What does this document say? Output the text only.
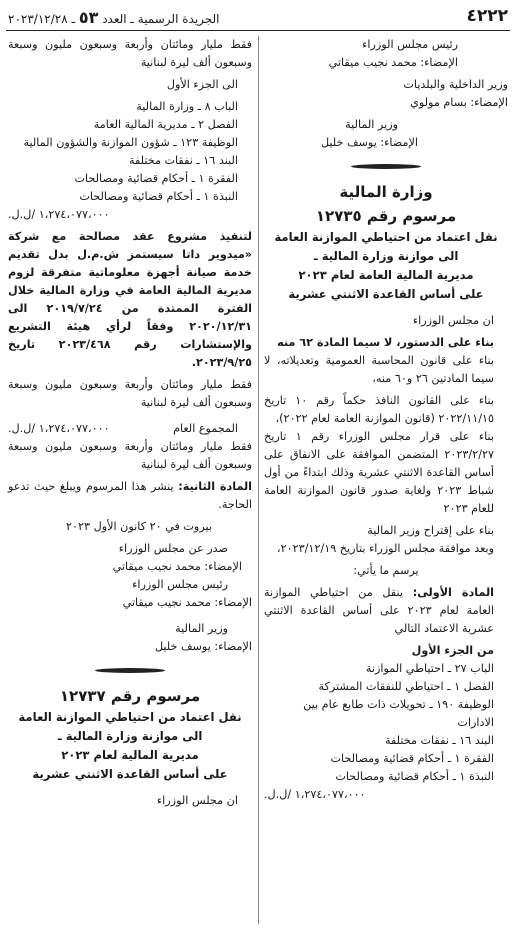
٤٢٢٢
الجريدة الرسمية ـ العدد ٥٣ ـ ٢٠٢٣/١٢/٢٨

رئيس مجلس الوزراء

الإمضاء: محمد نجيب ميقاتي

وزير الداخلية والبلديات

الإمضاء: بسام مولوي

وزير المالية

الإمضاء: يوسف خليل

وزارة المالية

مرسوم رقم ١٢٧٣٥

نقل اعتماد من احتياطي الموازنة العامة

الى موازنة وزارة المالية ـ

مديرية المالية العامة لعام ٢٠٢٣

على أساس القاعدة الاثنتي عشرية

ان مجلس الوزراء

بناء على الدستور، لا سيما المادة ٦٢ منه

بناء على قانون المحاسبة العمومية وتعديلاته، لا سيما المادتين ٢٦ و٦٠ منه،

بناء على القانون النافذ حكماً رقم ١٠ تاريخ ٢٠٢٢/١١/١٥ (قانون الموازنة العامة لعام ٢٠٢٢)،

بناء على قرار مجلس الوزراء رقم ١ تاريخ ٢٠٢٣/٢/٢٧ المتضمن الموافقة على الانفاق على أساس القاعدة الاثنتي عشرية وذلك ابتداءً من أول شباط ٢٠٢٣ ولغاية صدور قانون الموازنة العامة للعام ٢٠٢٣

بناء على إقتراح وزير المالية

وبعد موافقة مجلس الوزراء بتاريخ ٢٠٢٣/١٢/١٩،

يرسم ما يأتي:

المادة الأولى: ينقل من احتياطي الموازنة العامة لعام ٢٠٢٣ على أساس القاعدة الاثنتي عشرية الاعتماد التالي

من الجزء الأول

الباب ٢٧ ـ احتياطي الموازنة

الفصل ١ ـ احتياطي للنفقات المشتركة

الوظيفة ١٩٠ ـ تحويلات ذات طابع عام بين الادارات

البند ١٦ ـ نفقات مختلفة

الفقرة ١ ـ أحكام قضائية ومصالحات

النبذة ١ ـ أحكام قضائية ومصالحات

١،٢٧٤،٠٧٧،٠٠٠ /ل.ل.

فقط مليار ومائتان وأربعة وسبعون مليون وسبعة وسبعون ألف ليرة لبنانية

الى الجزء الأول

الباب ٨ ـ وزارة المالية

الفصل ٢ ـ مديرية المالية العامة

الوظيفة ١٢٣ ـ شؤون الموازنة والشؤون المالية

البند ١٦ ـ نفقات مختلفة

الفقرة ١ ـ أحكام قضائية ومصالحات

النبذة ١ ـ أحكام قضائية ومصالحات

١،٢٧٤،٠٧٧،٠٠٠ /ل.ل.

لتنفيذ مشروع عقد مصالحة مع شركة «ميدوير داتا سيستمز ش.م.ل بدل تقديم خدمة صيانة أجهزة معلوماتية متفرقة لزوم مديرية المالية العامة في وزارة المالية خلال الفترة الممتدة من ٢٠١٩/٧/٢٤ الى ٢٠٢٠/١٢/٣١ وفقاً لرأي هيئة التشريع والإستشارات رقم ٢٠٢٣/٤٦٨ تاريخ ٢٠٢٣/٩/٢٥.

فقط مليار ومائتان وأربعة وسبعون مليون وسبعة وسبعون ألف ليرة لبنانية

المجموع العام
١،٢٧٤،٠٧٧،٠٠٠ /ل.ل.

فقط مليار ومائتان وأربعة وسبعون مليون وسبعة وسبعون ألف ليرة لبنانية

المادة الثانية: ينشر هذا المرسوم ويبلغ حيث تدعو الحاجة.

بيروت في ٢٠ كانون الأول ٢٠٢٣

صدر عن مجلس الوزراء

الإمضاء: محمد نجيب ميقاتي

رئيس مجلس الوزراء

الإمضاء: محمد نجيب ميقاتي

وزير المالية

الإمضاء: يوسف خليل

مرسوم رقم ١٢٧٣٧

نقل اعتماد من احتياطي الموازنة العامة

الى موازنة وزارة المالية ـ

مديرية المالية لعام ٢٠٢٣

على أساس القاعدة الاثنتي عشرية

ان مجلس الوزراء
